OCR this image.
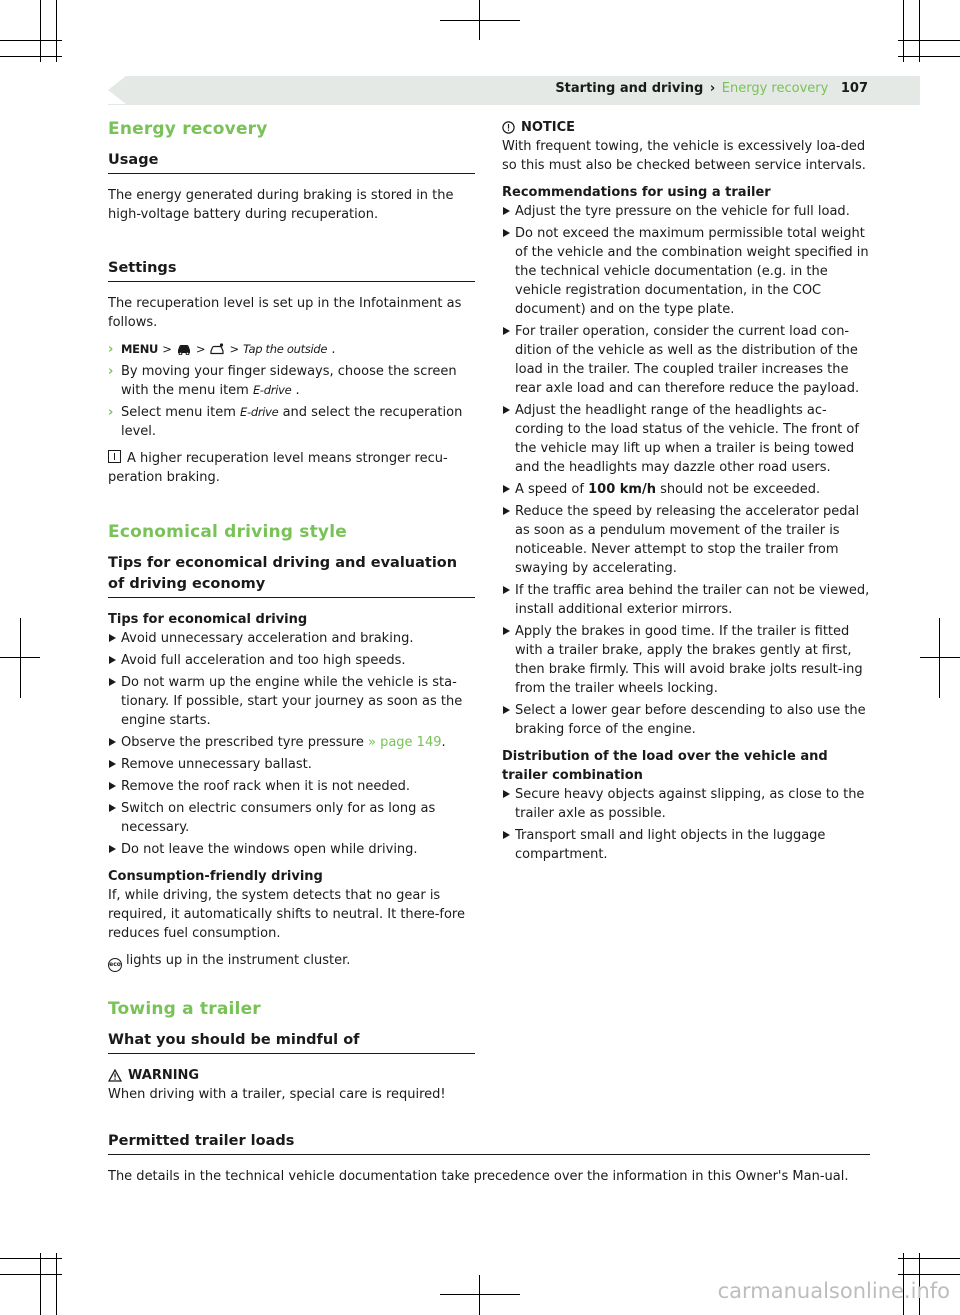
Starting and driving › Energy recovery 107
Energy recovery
Usage
The energy generated during braking is stored in the high-voltage battery during recuperation.
Settings
The recuperation level is set up in the Infotainment as follows.
› MENU > > > Tap the outside .
› By moving your finger sideways, choose the screen with the menu item E-drive .
› Select menu item E-drive and select the recuperation level.
A higher recuperation level means stronger recu-peration braking.
Economical driving style
Tips for economical driving and evaluation of driving economy
Tips for economical driving
Avoid unnecessary acceleration and braking.
Avoid full acceleration and too high speeds.
Do not warm up the engine while the vehicle is sta-tionary. If possible, start your journey as soon as the engine starts.
Observe the prescribed tyre pressure » page 149.
Remove unnecessary ballast.
Remove the roof rack when it is not needed.
Switch on electric consumers only for as long as necessary.
Do not leave the windows open while driving.
Consumption-friendly driving
If, while driving, the system detects that no gear is required, it automatically shifts to neutral. It there-fore reduces fuel consumption.
eco lights up in the instrument cluster.
Towing a trailer
What you should be mindful of
WARNING
When driving with a trailer, special care is required!
NOTICE
With frequent towing, the vehicle is excessively loa-ded so this must also be checked between service intervals.
Recommendations for using a trailer
Adjust the tyre pressure on the vehicle for full load.
Do not exceed the maximum permissible total weight of the vehicle and the combination weight specified in the technical vehicle documentation (e.g. in the vehicle registration documentation, in the COC document) and on the type plate.
For trailer operation, consider the current load con-dition of the vehicle as well as the distribution of the load in the trailer. The coupled trailer increases the rear axle load and can therefore reduce the payload.
Adjust the headlight range of the headlights ac-cording to the load status of the vehicle. The front of the vehicle may lift up when a trailer is being towed and the headlights may dazzle other road users.
A speed of 100 km/h should not be exceeded.
Reduce the speed by releasing the accelerator pedal as soon as a pendulum movement of the trailer is noticeable. Never attempt to stop the trailer from swaying by accelerating.
If the traffic area behind the trailer can not be viewed, install additional exterior mirrors.
Apply the brakes in good time. If the trailer is fitted with a trailer brake, apply the brakes gently at first, then brake firmly. This will avoid brake jolts result-ing from the trailer wheels locking.
Select a lower gear before descending to also use the braking force of the engine.
Distribution of the load over the vehicle and trailer combination
Secure heavy objects against slipping, as close to the trailer axle as possible.
Transport small and light objects in the luggage compartment.
Permitted trailer loads
The details in the technical vehicle documentation take precedence over the information in this Owner's Man-ual.
carmanualsonline.info
